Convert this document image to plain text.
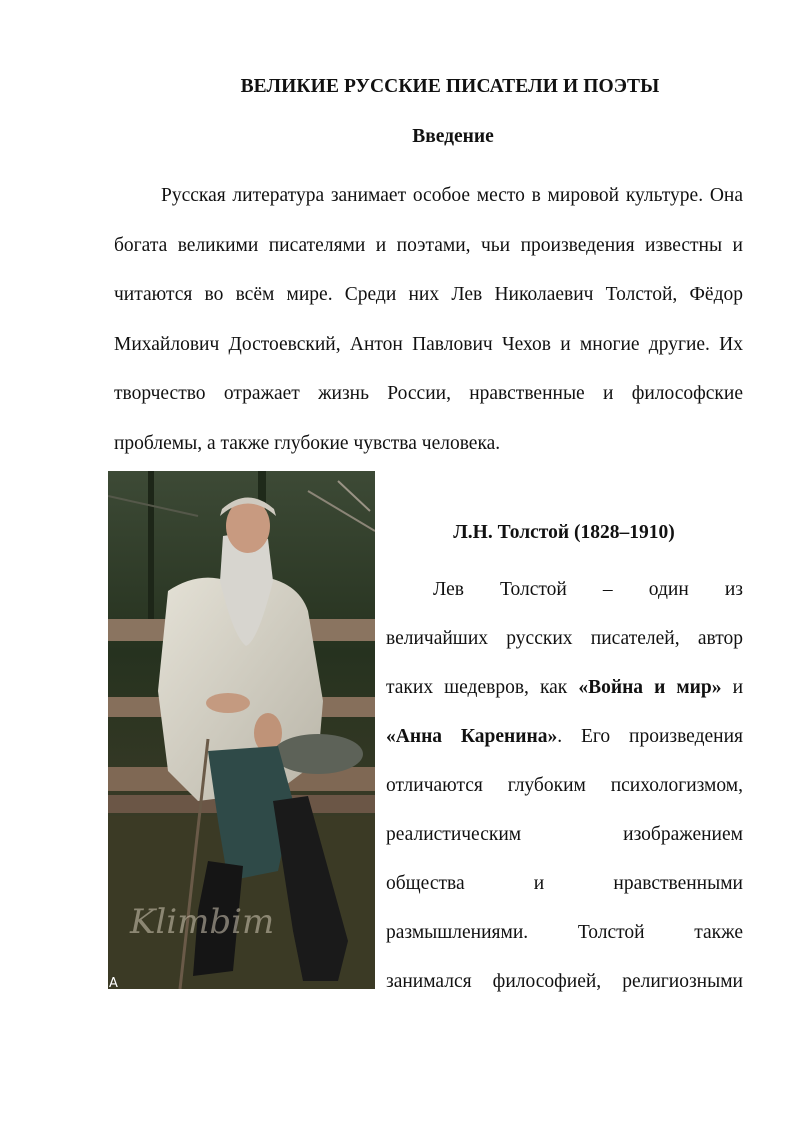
ВЕЛИКИЕ РУССКИЕ ПИСАТЕЛИ И ПОЭТЫ
Введение

Русская литература занимает особое место в мировой культуре. Она богата великими писателями и поэтами, чьи произведения известны и читаются во всём мире. Среди них Лев Николаевич Толстой, Фёдор Михайлович Достоевский, Антон Павлович Чехов и многие другие. Их творчество отражает жизнь России, нравственные и философские проблемы, а также глубокие чувства человека.

Klimbim
A
Л.Н. Толстой (1828–1910)
Лев Толстой – один из
величайших русских писателей, автор
таких шедевров, как «Война и мир» и
«Анна Каренина». Его произведения
отличаются глубоким психологизмом,
реалистическим изображением
общества и нравственными
размышлениями. Толстой также
занимался философией, религиозными
